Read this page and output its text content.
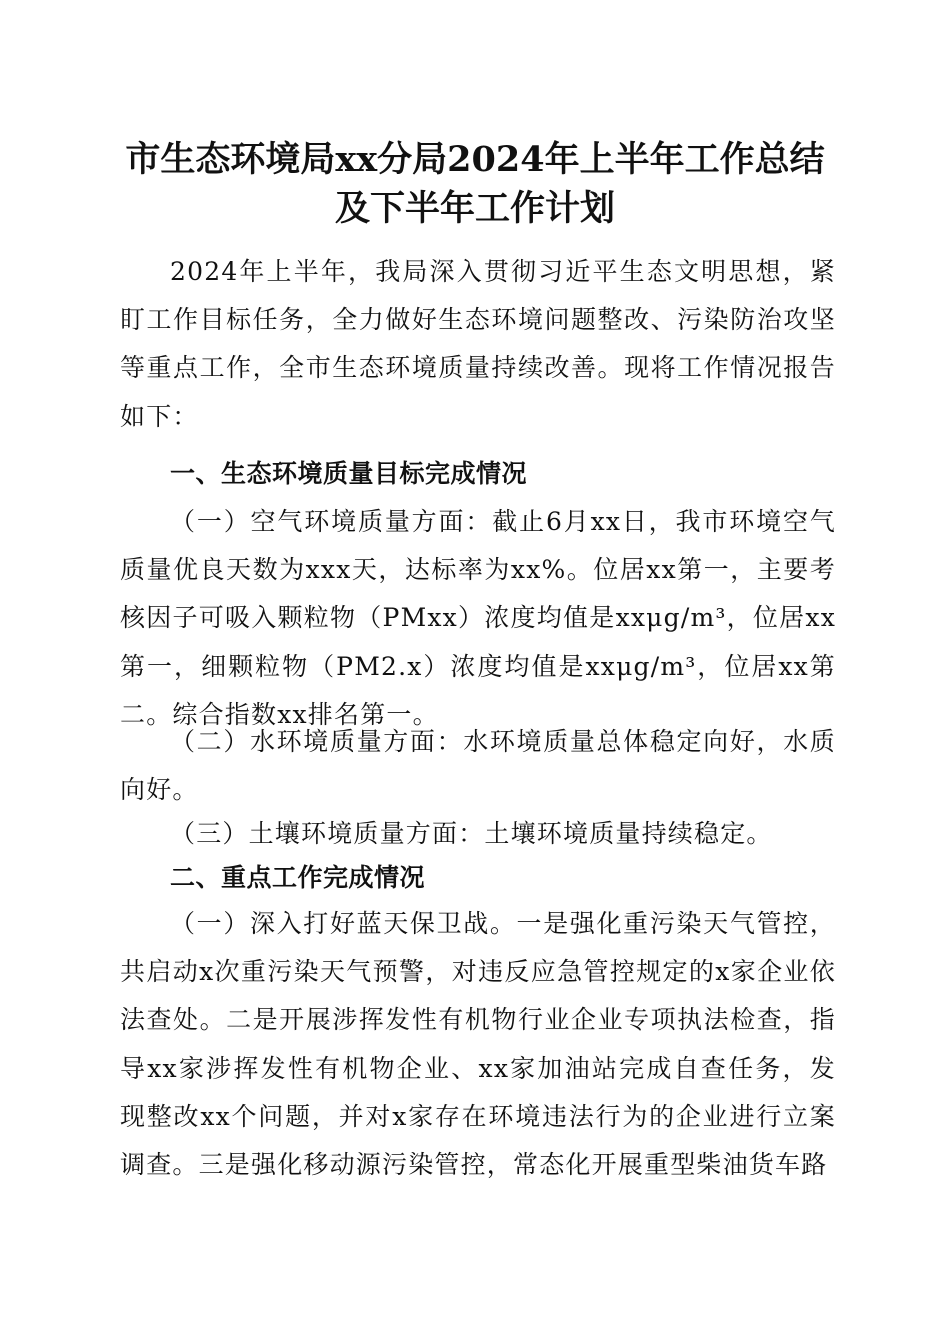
市生态环境局xx分局2024年上半年工作总结
及下半年工作计划

2024年上半年，我局深入贯彻习近平生态文明思想，紧盯工作目标任务，全力做好生态环境问题整改、污染防治攻坚等重点工作，全市生态环境质量持续改善。现将工作情况报告如下：

一、生态环境质量目标完成情况

（一）空气环境质量方面：截止6月xx日，我市环境空气质量优良天数为xxx天，达标率为xx%。位居xx第一，主要考核因子可吸入颗粒物（PMxx）浓度均值是xxμg/m³，位居xx第一，细颗粒物（PM2.x）浓度均值是xxμg/m³，位居xx第二。综合指数xx排名第一。

（二）水环境质量方面：水环境质量总体稳定向好，水质向好。

（三）土壤环境质量方面：土壤环境质量持续稳定。

二、重点工作完成情况

（一）深入打好蓝天保卫战。一是强化重污染天气管控，共启动x次重污染天气预警，对违反应急管控规定的x家企业依法查处。二是开展涉挥发性有机物行业企业专项执法检查，指导xx家涉挥发性有机物企业、xx家加油站完成自查任务，发现整改xx个问题，并对x家存在环境违法行为的企业进行立案调查。三是强化移动源污染管控，常态化开展重型柴油货车路
